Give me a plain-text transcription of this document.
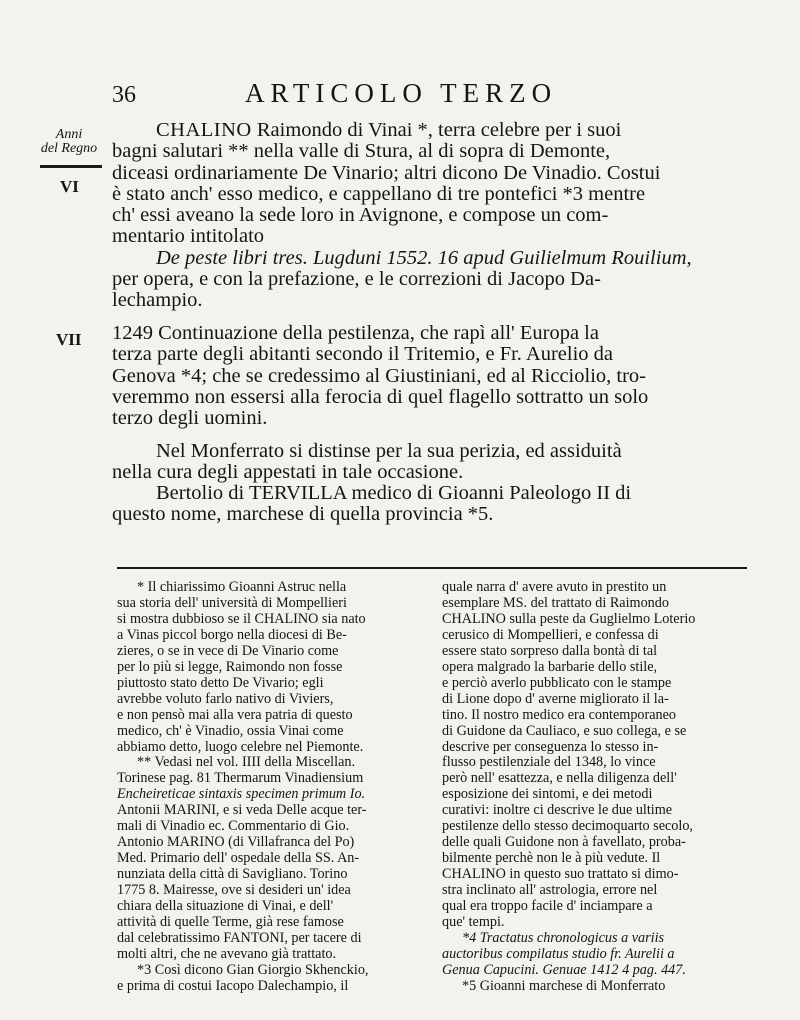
36	ARTICOLO TERZO
Anni
del Regno
VI
VII

CHALINO Raimondo di Vinai *, terra celebre per i suoi

bagni salutari ** nella valle di Stura, al di sopra di Demonte,

diceasi ordinariamente De Vinario; altri dicono De Vinadio. Costui

è stato anch' esso medico, e cappellano di tre pontefici *3 mentre

ch' essi aveano la sede loro in Avignone, e compose un com-

mentario intitolato

De peste libri tres. Lugduni 1552. 16 apud Guilielmum Rouilium,

per opera, e con la prefazione, e le correzioni di Jacopo Da-

lechampio.

1249 Continuazione della pestilenza, che rapì all' Europa la

terza parte degli abitanti secondo il Tritemio, e Fr. Aurelio da

Genova *4; che se credessimo al Giustiniani, ed al Ricciolio, tro-

veremmo non essersi alla ferocia di quel flagello sottratto un solo

terzo degli uomini.

Nel Monferrato si distinse per la sua perizia, ed assiduità

nella cura degli appestati in tale occasione.

Bertolio di TERVILLA medico di Gioanni Paleologo II di

questo nome, marchese di quella provincia *5.

* Il chiarissimo Gioanni Astruc nella

sua storia dell' università di Mompellieri

si mostra dubbioso se il CHALINO sia nato

a Vinas piccol borgo nella diocesi di Be-

zieres, o se in vece di De Vinario come

per lo più si legge, Raimondo non fosse

piuttosto stato detto De Vivario; egli

avrebbe voluto farlo nativo di Viviers,

e non pensò mai alla vera patria di questo

medico, ch' è Vinadio, ossia Vinai come

abbiamo detto, luogo celebre nel Piemonte.

** Vedasi nel vol. IIII della Miscellan.

Torinese pag. 81 Thermarum Vinadiensium

Encheireticae sintaxis specimen primum Io.

Antonii MARINI, e si veda Delle acque ter-

mali di Vinadio ec. Commentario di Gio.

Antonio MARINO (di Villafranca del Po)

Med. Primario dell' ospedale della SS. An-

nunziata della città di Savigliano. Torino

1775 8. Mairesse, ove si desideri un' idea

chiara della situazione di Vinai, e dell'

attività di quelle Terme, già rese famose

dal celebratissimo FANTONI, per tacere di

molti altri, che ne avevano già trattato.

*3 Così dicono Gian Giorgio Skhenckio,

e prima di costui Iacopo Dalechampio, il

quale narra d' avere avuto in prestito un

esemplare MS. del trattato di Raimondo

CHALINO sulla peste da Guglielmo Loterio

cerusico di Mompellieri, e confessa di

essere stato sorpreso dalla bontà di tal

opera malgrado la barbarie dello stile,

e perciò averlo pubblicato con le stampe

di Lione dopo d' averne migliorato il la-

tino. Il nostro medico era contemporaneo

di Guidone da Cauliaco, e suo collega, e se

descrive per conseguenza lo stesso in-

flusso pestilenziale del 1348, lo vince

però nell' esattezza, e nella diligenza dell'

esposizione dei sintomi, e dei metodi

curativi: inoltre ci descrive le due ultime

pestilenze dello stesso decimoquarto secolo,

delle quali Guidone non à favellato, proba-

bilmente perchè non le à più vedute. Il

CHALINO in questo suo trattato si dimo-

stra inclinato all' astrologia, errore nel

qual era troppo facile d' inciampare a

que' tempi.

*4 Tractatus chronologicus a variis

auctoribus compilatus studio fr. Aurelii a

Genua Capucini. Genuae 1412 4 pag. 447.

*5 Gioanni marchese di Monferrato
